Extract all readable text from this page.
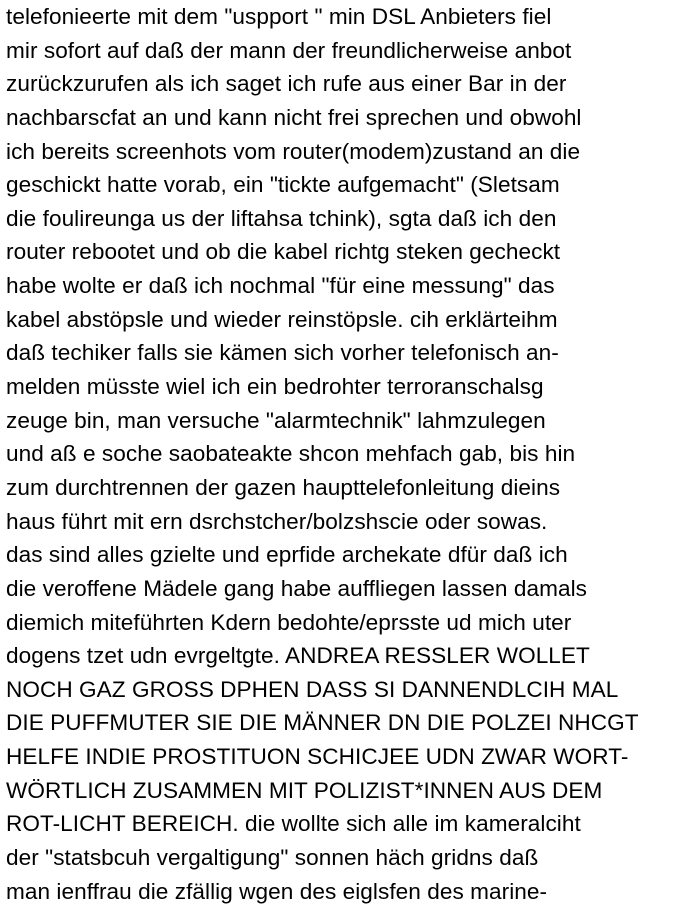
telefonieerte mit dem "uspport " min DSL Anbieters fiel

mir sofort auf daß der mann der freundlicherweise anbot

zurückzurufen als ich saget ich rufe aus einer Bar in der

nachbarscfat an und kann nicht frei sprechen und obwohl

ich bereits screenhots vom router(modem)zustand an die

geschickt hatte vorab, ein "tickte aufgemacht" (Sletsam

die foulireunga us der liftahsa tchink), sgta daß ich den

router rebootet und ob die kabel richtg steken gecheckt

habe wolte er daß ich nochmal "für eine messung" das

kabel abstöpsle und wieder reinstöpsle. cih erklärteihm

daß techiker falls sie kämen sich vorher telefonisch an-

melden müsste wiel ich ein bedrohter terroranschalsg

zeuge bin, man versuche "alarmtechnik" lahmzulegen

und aß e soche saobateakte shcon mehfach gab, bis hin

zum durchtrennen der gazen haupttelefonleitung dieins

haus führt mit ern dsrchstcher/bolzshscie oder sowas.

das sind alles gzielte und eprfide archekate dfür daß ich

die veroffene Mädele gang habe auffliegen lassen damals

diemich miteführten Kdern bedohte/eprsste ud mich uter

dogens tzet udn evrgeltgte. ANDREA RESSLER WOLLET

NOCH GAZ GROSS DPHEN DASS SI DANNENDLCIH MAL

DIE PUFFMUTER SIE DIE MÄNNER DN DIE POLZEI NHCGT

HELFE INDIE PROSTITUON SCHICJEE UDN ZWAR WORT-

WÖRTLICH ZUSAMMEN MIT POLIZIST*INNEN AUS DEM

ROT-LICHT BEREICH. die wollte sich alle im kameralciht

der "statsbcuh vergaltigung" sonnen häch gridns daß

man ienffrau die zfällig wgen des eiglsfen des marine-
